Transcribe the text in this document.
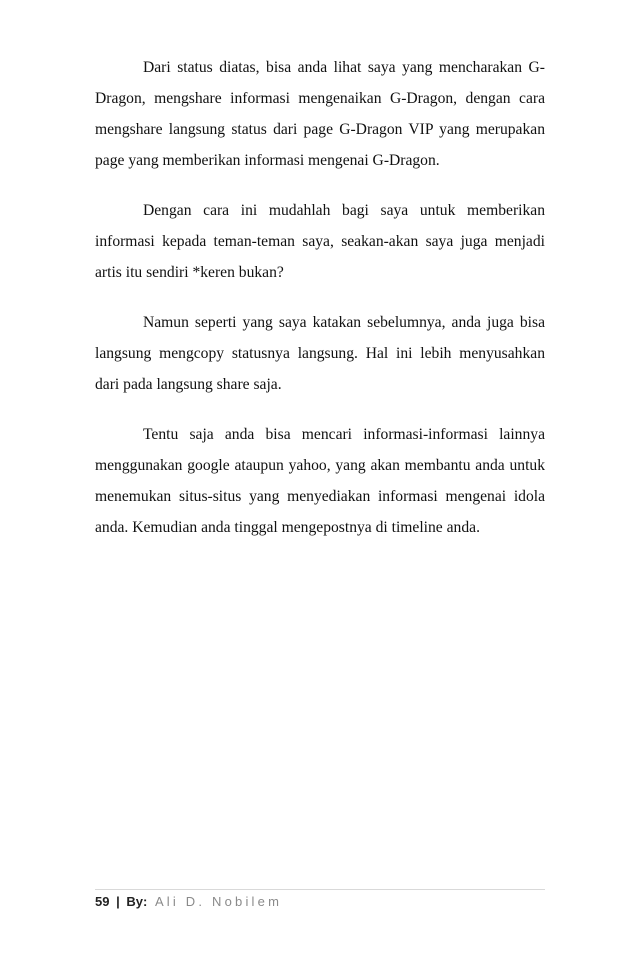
Dari status diatas, bisa anda lihat saya yang mencharakan G-Dragon, mengshare informasi mengenaikan G-Dragon, dengan cara mengshare langsung status dari page G-Dragon VIP yang merupakan page yang memberikan informasi mengenai G-Dragon.

Dengan cara ini mudahlah bagi saya untuk memberikan informasi kepada teman-teman saya, seakan-akan saya juga menjadi artis itu sendiri *keren bukan?

Namun seperti yang saya katakan sebelumnya, anda juga bisa langsung mengcopy statusnya langsung. Hal ini lebih menyusahkan dari pada langsung share saja.

Tentu saja anda bisa mencari informasi-informasi lainnya menggunakan google ataupun yahoo, yang akan membantu anda untuk menemukan situs-situs yang menyediakan informasi mengenai idola anda. Kemudian anda tinggal mengepostnya di timeline anda.

59 | By: Ali D. Nobilem
